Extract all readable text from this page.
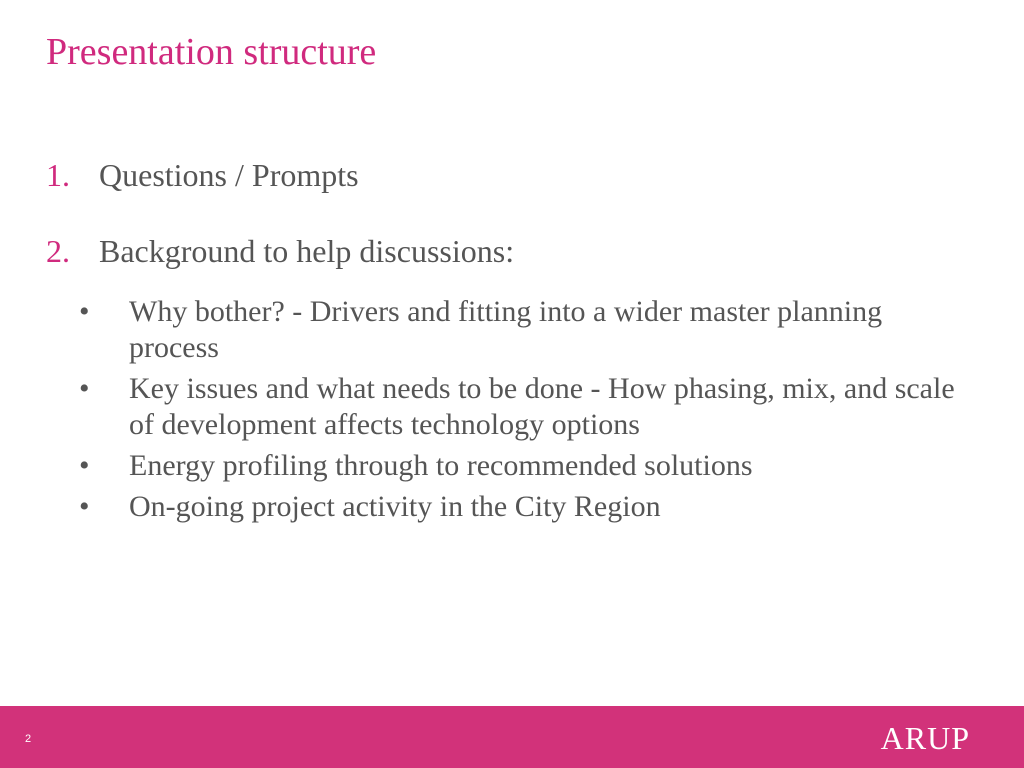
Presentation structure
1. Questions / Prompts
2. Background to help discussions:
• Why bother? - Drivers and fitting into a wider master planning process
• Key issues and what needs to be done - How phasing, mix, and scale of development affects technology options
• Energy profiling through to recommended solutions
• On-going project activity in the City Region
2	ARUP
